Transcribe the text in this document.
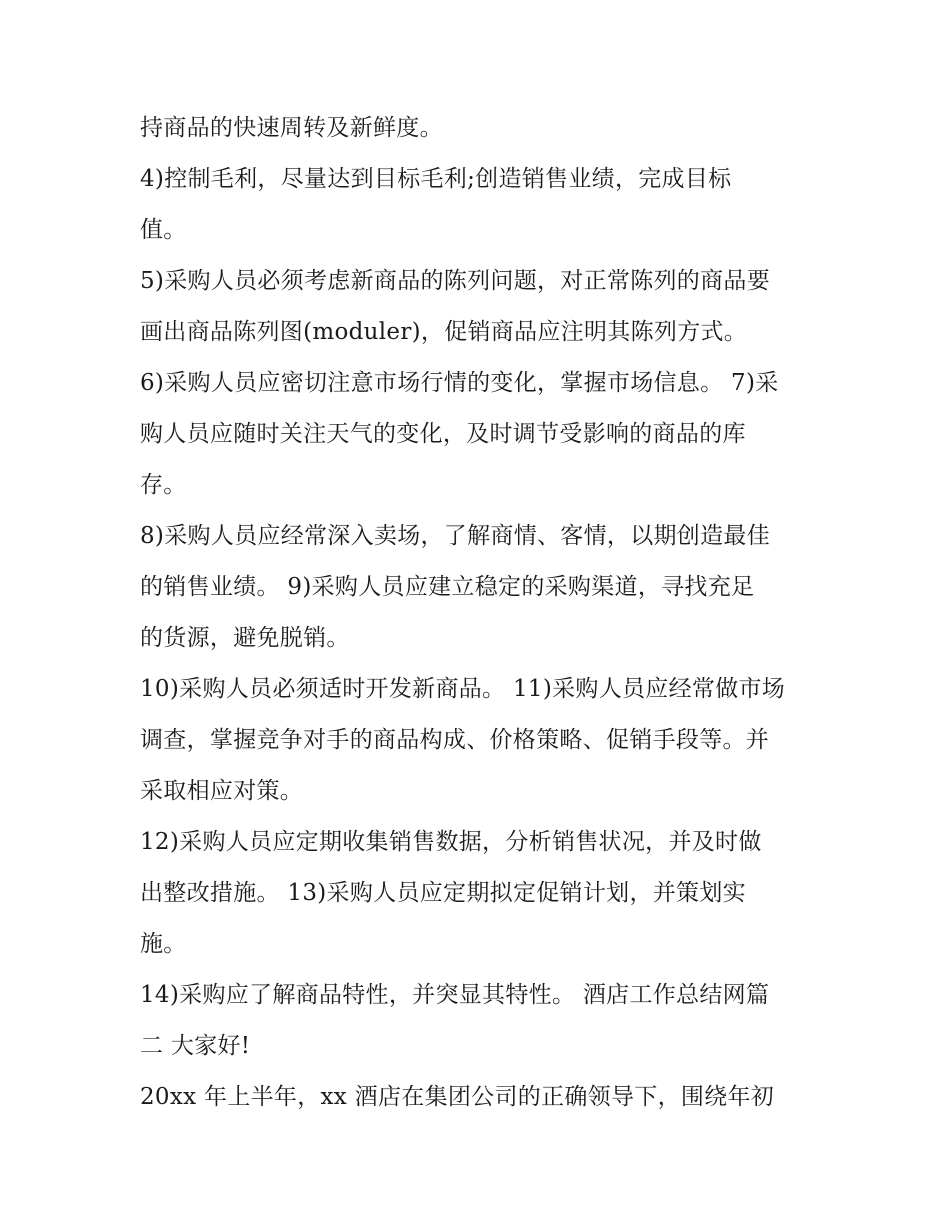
持商品的快速周转及新鲜度。
4)控制毛利，尽量达到目标毛利;创造销售业绩，完成目标
值。
5)采购人员必须考虑新商品的陈列问题，对正常陈列的商品要
画出商品陈列图(moduler)，促销商品应注明其陈列方式。
6)采购人员应密切注意市场行情的变化，掌握市场信息。 7)采
购人员应随时关注天气的变化，及时调节受影响的商品的库
存。
8)采购人员应经常深入卖场，了解商情、客情，以期创造最佳
的销售业绩。 9)采购人员应建立稳定的采购渠道，寻找充足
的货源，避免脱销。
10)采购人员必须适时开发新商品。 11)采购人员应经常做市场
调查，掌握竞争对手的商品构成、价格策略、促销手段等。并
采取相应对策。
12)采购人员应定期收集销售数据，分析销售状况，并及时做
出整改措施。 13)采购人员应定期拟定促销计划，并策划实
施。
14)采购应了解商品特性，并突显其特性。 酒店工作总结网篇
二 大家好!
20xx 年上半年，xx 酒店在集团公司的正确领导下，围绕年初
